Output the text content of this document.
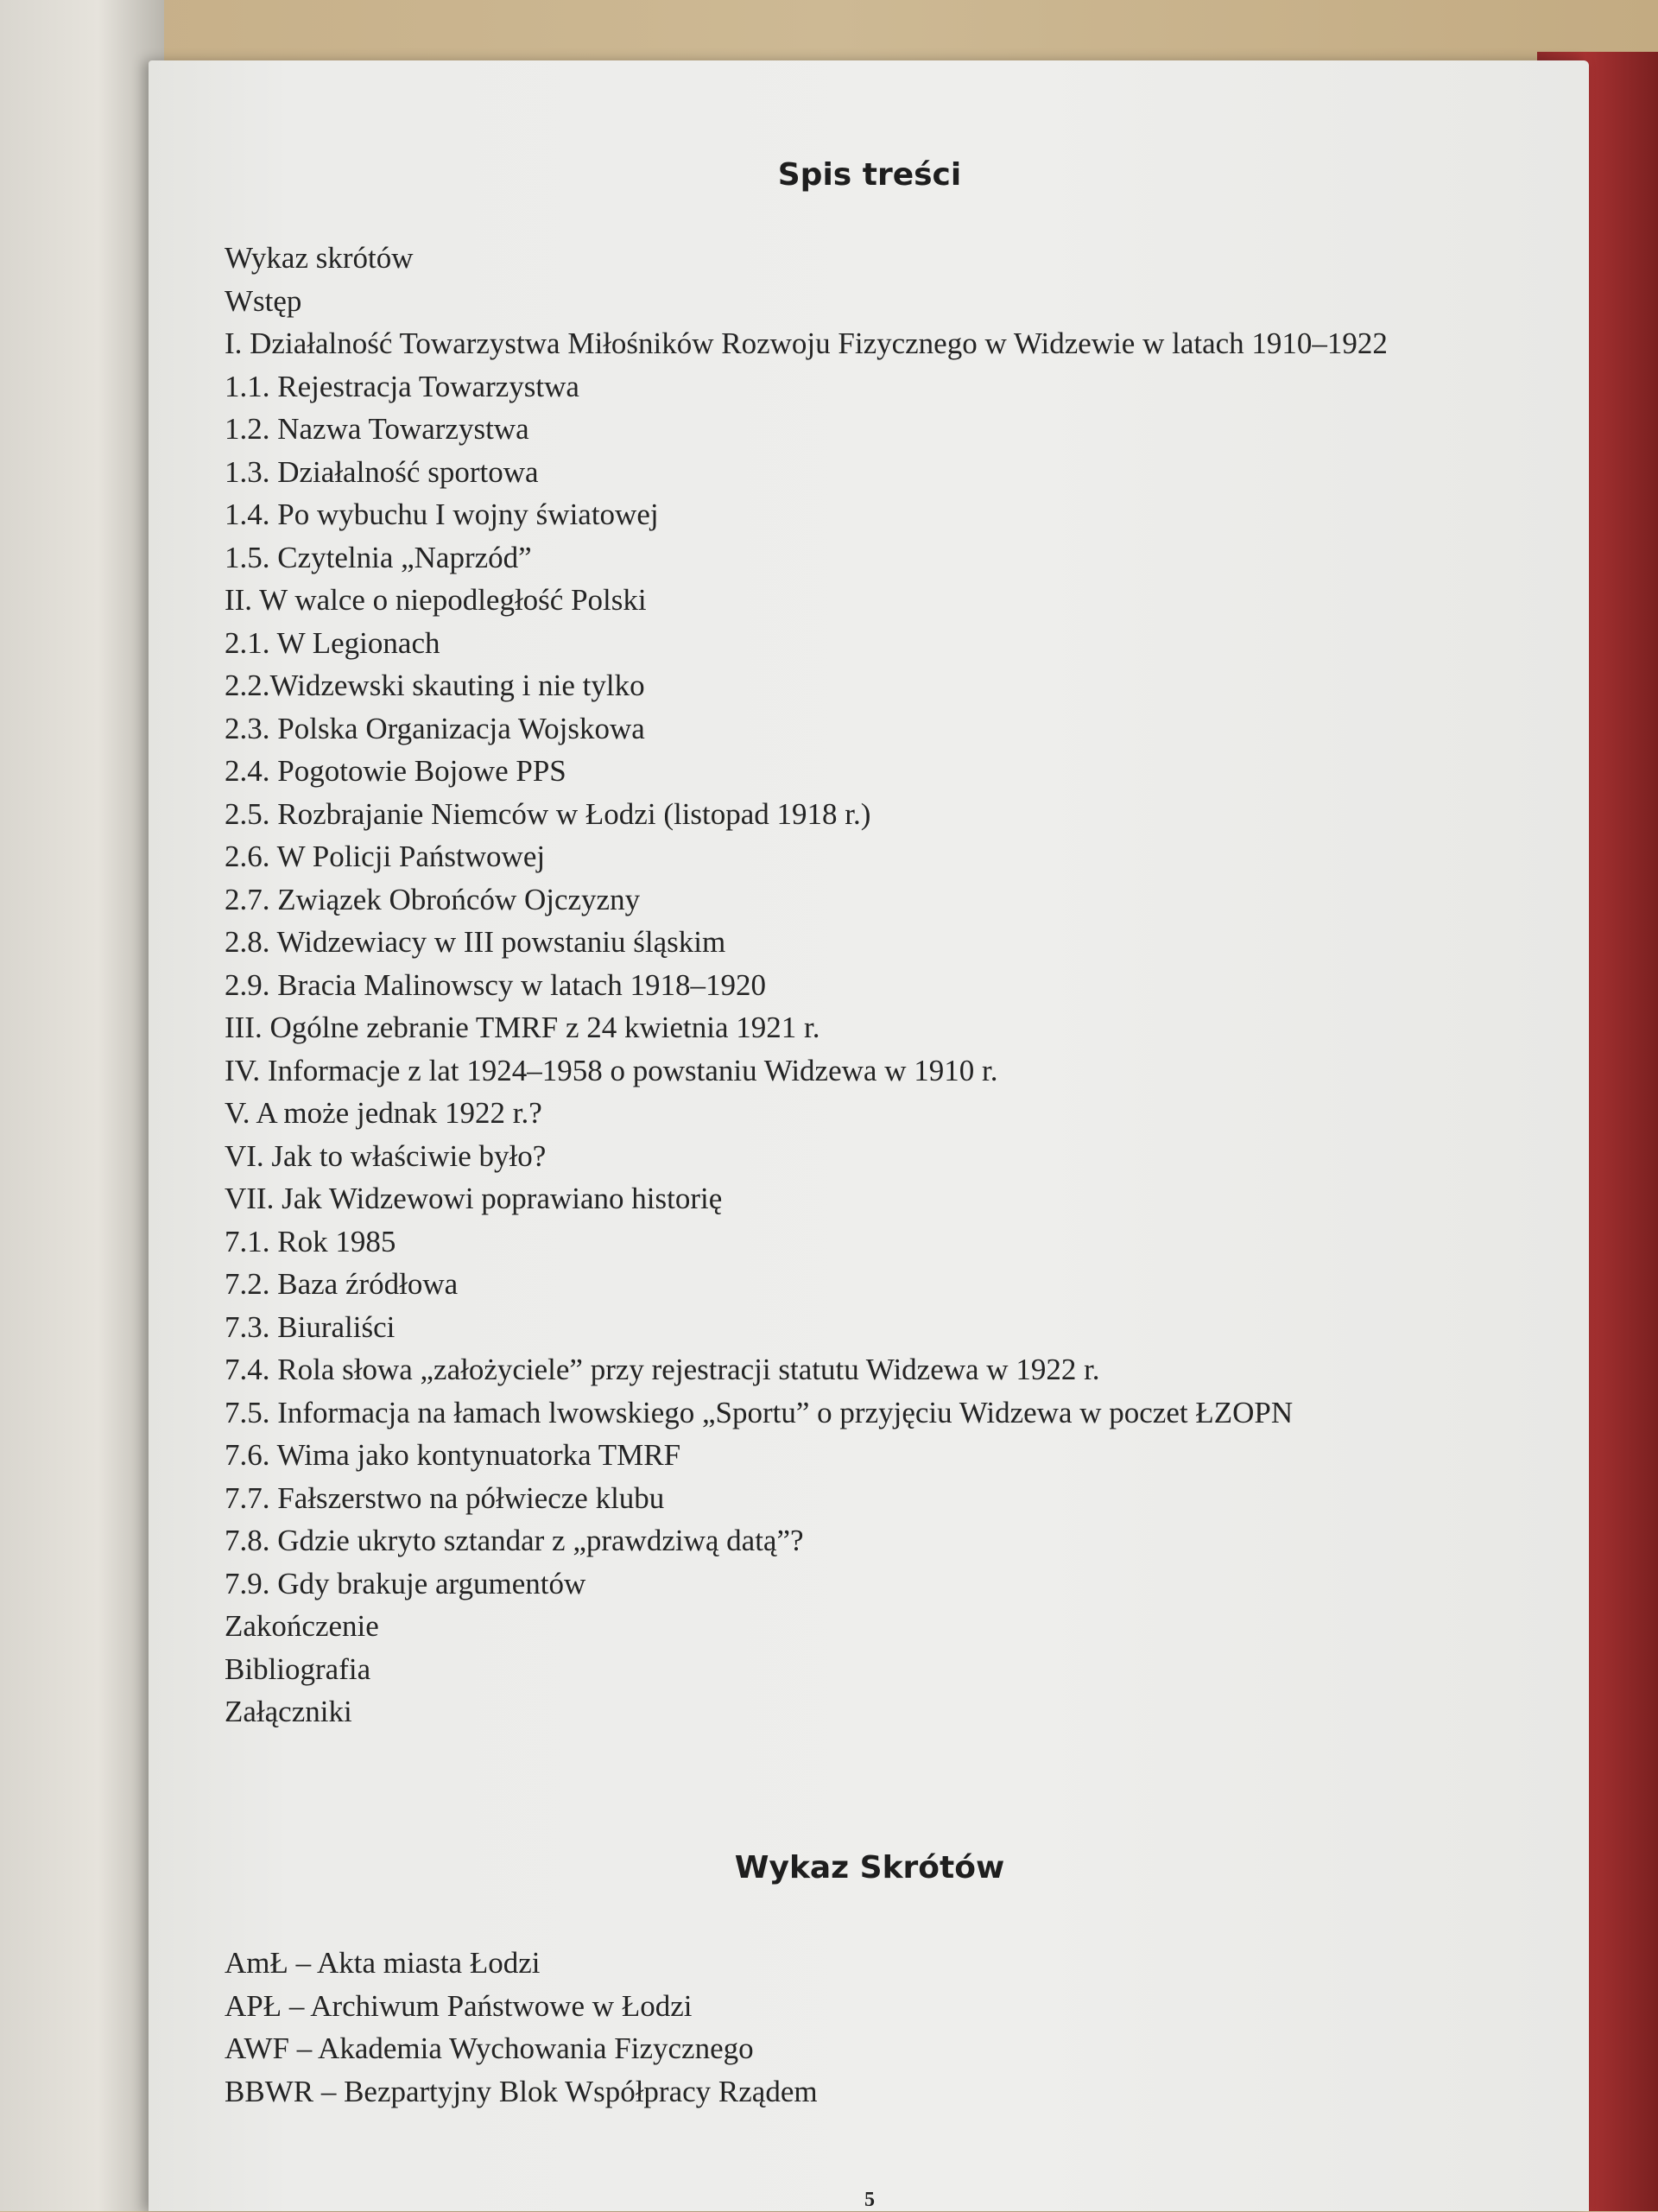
Spis treści
Wykaz skrótów
Wstęp
I. Działalność Towarzystwa Miłośników Rozwoju Fizycznego w Widzewie w latach 1910–1922
1.1. Rejestracja Towarzystwa
1.2. Nazwa Towarzystwa
1.3. Działalność sportowa
1.4. Po wybuchu I wojny światowej
1.5. Czytelnia „Naprzód”
II. W walce o niepodległość Polski
2.1. W Legionach
2.2.Widzewski skauting i nie tylko
2.3. Polska Organizacja Wojskowa
2.4. Pogotowie Bojowe PPS
2.5. Rozbrajanie Niemców w Łodzi (listopad 1918 r.)
2.6. W Policji Państwowej
2.7. Związek Obrońców Ojczyzny
2.8. Widzewiacy w III powstaniu śląskim
2.9. Bracia Malinowscy w latach 1918–1920
III. Ogólne zebranie TMRF z 24 kwietnia 1921 r.
IV. Informacje z lat 1924–1958 o powstaniu Widzewa w 1910 r.
V. A może jednak 1922 r.?
VI. Jak to właściwie było?
VII. Jak Widzewowi poprawiano historię
7.1. Rok 1985
7.2. Baza źródłowa
7.3. Biuraliści
7.4. Rola słowa „założyciele” przy rejestracji statutu Widzewa w 1922 r.
7.5. Informacja na łamach lwowskiego „Sportu” o przyjęciu Widzewa w poczet ŁZOPN
7.6. Wima jako kontynuatorka TMRF
7.7. Fałszerstwo na półwiecze klubu
7.8. Gdzie ukryto sztandar z „prawdziwą datą”?
7.9. Gdy brakuje argumentów
Zakończenie
Bibliografia
Załączniki
Wykaz Skrótów
AmŁ – Akta miasta Łodzi
APŁ – Archiwum Państwowe w Łodzi
AWF – Akademia Wychowania Fizycznego
BBWR – Bezpartyjny Blok Współpracy Rządem
5
